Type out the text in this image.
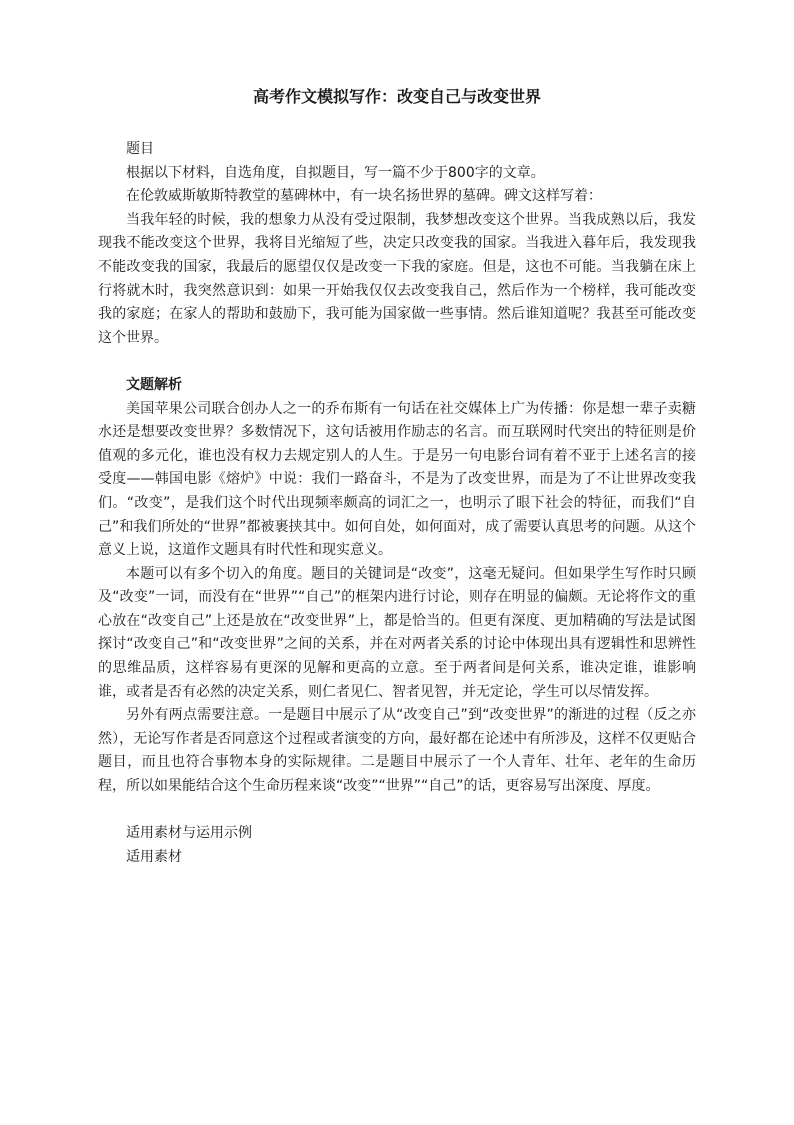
高考作文模拟写作：改变自己与改变世界

题目

根据以下材料，自选角度，自拟题目，写一篇不少于800字的文章。

在伦敦威斯敏斯特教堂的墓碑林中，有一块名扬世界的墓碑。碑文这样写着：

当我年轻的时候，我的想象力从没有受过限制，我梦想改变这个世界。当我成熟以后，我发现我不能改变这个世界，我将目光缩短了些，决定只改变我的国家。当我进入暮年后，我发现我不能改变我的国家，我最后的愿望仅仅是改变一下我的家庭。但是，这也不可能。当我躺在床上行将就木时，我突然意识到：如果一开始我仅仅去改变我自己，然后作为一个榜样，我可能改变我的家庭；在家人的帮助和鼓励下，我可能为国家做一些事情。然后谁知道呢？我甚至可能改变这个世界。

文题解析

美国苹果公司联合创办人之一的乔布斯有一句话在社交媒体上广为传播：你是想一辈子卖糖水还是想要改变世界？多数情况下，这句话被用作励志的名言。而互联网时代突出的特征则是价值观的多元化，谁也没有权力去规定别人的人生。于是另一句电影台词有着不亚于上述名言的接受度——韩国电影《熔炉》中说：我们一路奋斗，不是为了改变世界，而是为了不让世界改变我们。“改变”，是我们这个时代出现频率颇高的词汇之一，也明示了眼下社会的特征，而我们“自己”和我们所处的“世界”都被裹挟其中。如何自处，如何面对，成了需要认真思考的问题。从这个意义上说，这道作文题具有时代性和现实意义。

本题可以有多个切入的角度。题目的关键词是“改变”，这毫无疑问。但如果学生写作时只顾及“改变”一词，而没有在“世界”“自己”的框架内进行讨论，则存在明显的偏颇。无论将作文的重心放在“改变自己”上还是放在“改变世界”上，都是恰当的。但更有深度、更加精确的写法是试图探讨“改变自己”和“改变世界”之间的关系，并在对两者关系的讨论中体现出具有逻辑性和思辨性的思维品质，这样容易有更深的见解和更高的立意。至于两者间是何关系，谁决定谁，谁影响谁，或者是否有必然的决定关系，则仁者见仁、智者见智，并无定论，学生可以尽情发挥。

另外有两点需要注意。一是题目中展示了从“改变自己”到“改变世界”的渐进的过程（反之亦然），无论写作者是否同意这个过程或者演变的方向，最好都在论述中有所涉及，这样不仅更贴合题目，而且也符合事物本身的实际规律。二是题目中展示了一个人青年、壮年、老年的生命历程，所以如果能结合这个生命历程来谈“改变”“世界”“自己”的话，更容易写出深度、厚度。

适用素材与运用示例

适用素材
